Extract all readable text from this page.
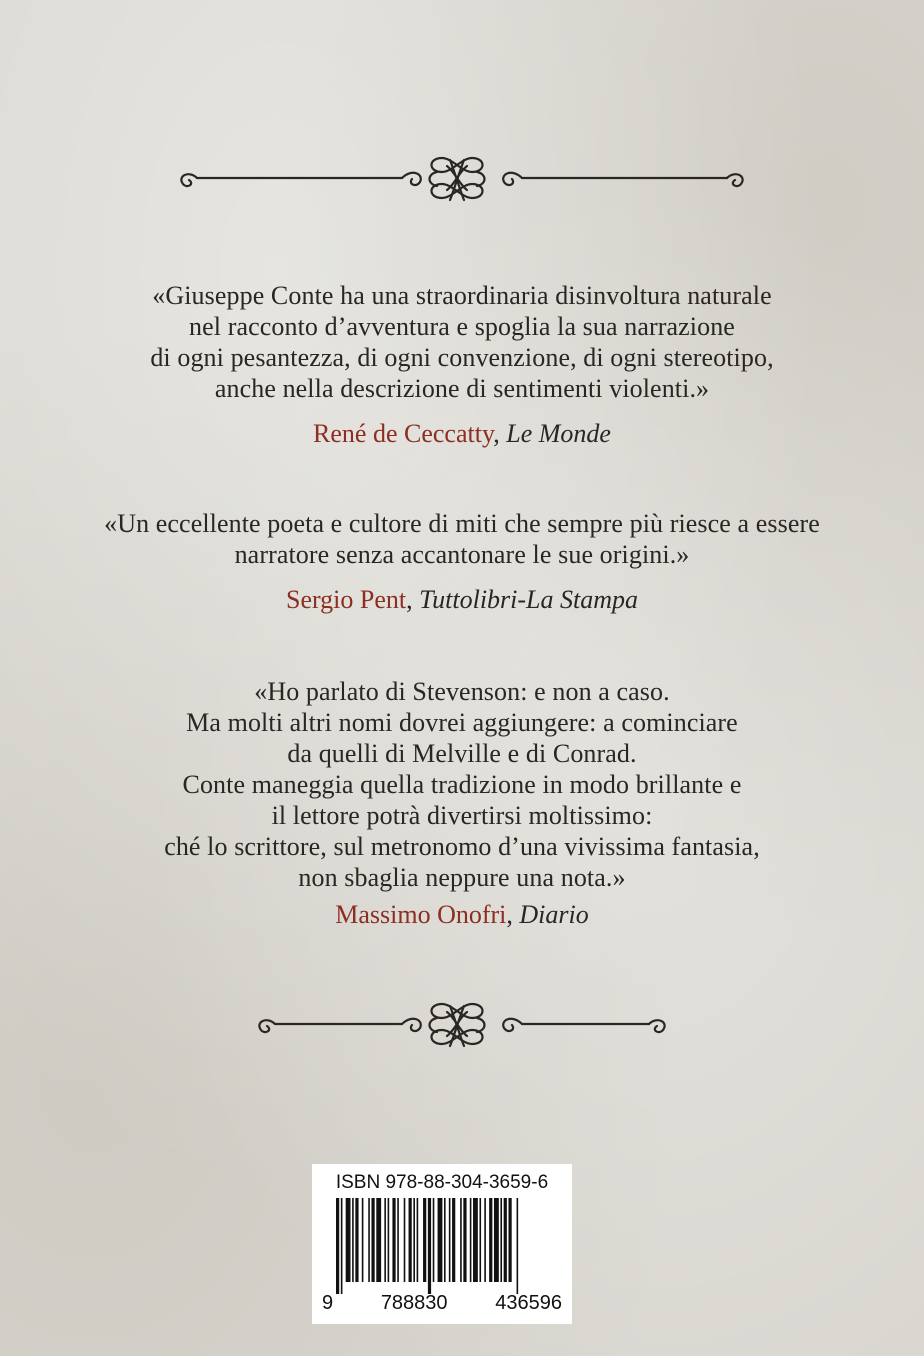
«Giuseppe Conte ha una straordinaria disinvoltura naturale
nel racconto d’avventura e spoglia la sua narrazione
di ogni pesantezza, di ogni convenzione, di ogni stereotipo,
anche nella descrizione di sentimenti violenti.»
René de Ceccatty, Le Monde
«Un eccellente poeta e cultore di miti che sempre più riesce a essere
narratore senza accantonare le sue origini.»
Sergio Pent, Tuttolibri-La Stampa
«Ho parlato di Stevenson: e non a caso.
Ma molti altri nomi dovrei aggiungere: a cominciare
da quelli di Melville e di Conrad.
Conte maneggia quella tradizione in modo brillante e
il lettore potrà divertirsi moltissimo:
ché lo scrittore, sul metronomo d’una vivissima fantasia,
non sbaglia neppure una nota.»
Massimo Onofri, Diario
ISBN 978-88-304-3659-6
9 788830 436596
